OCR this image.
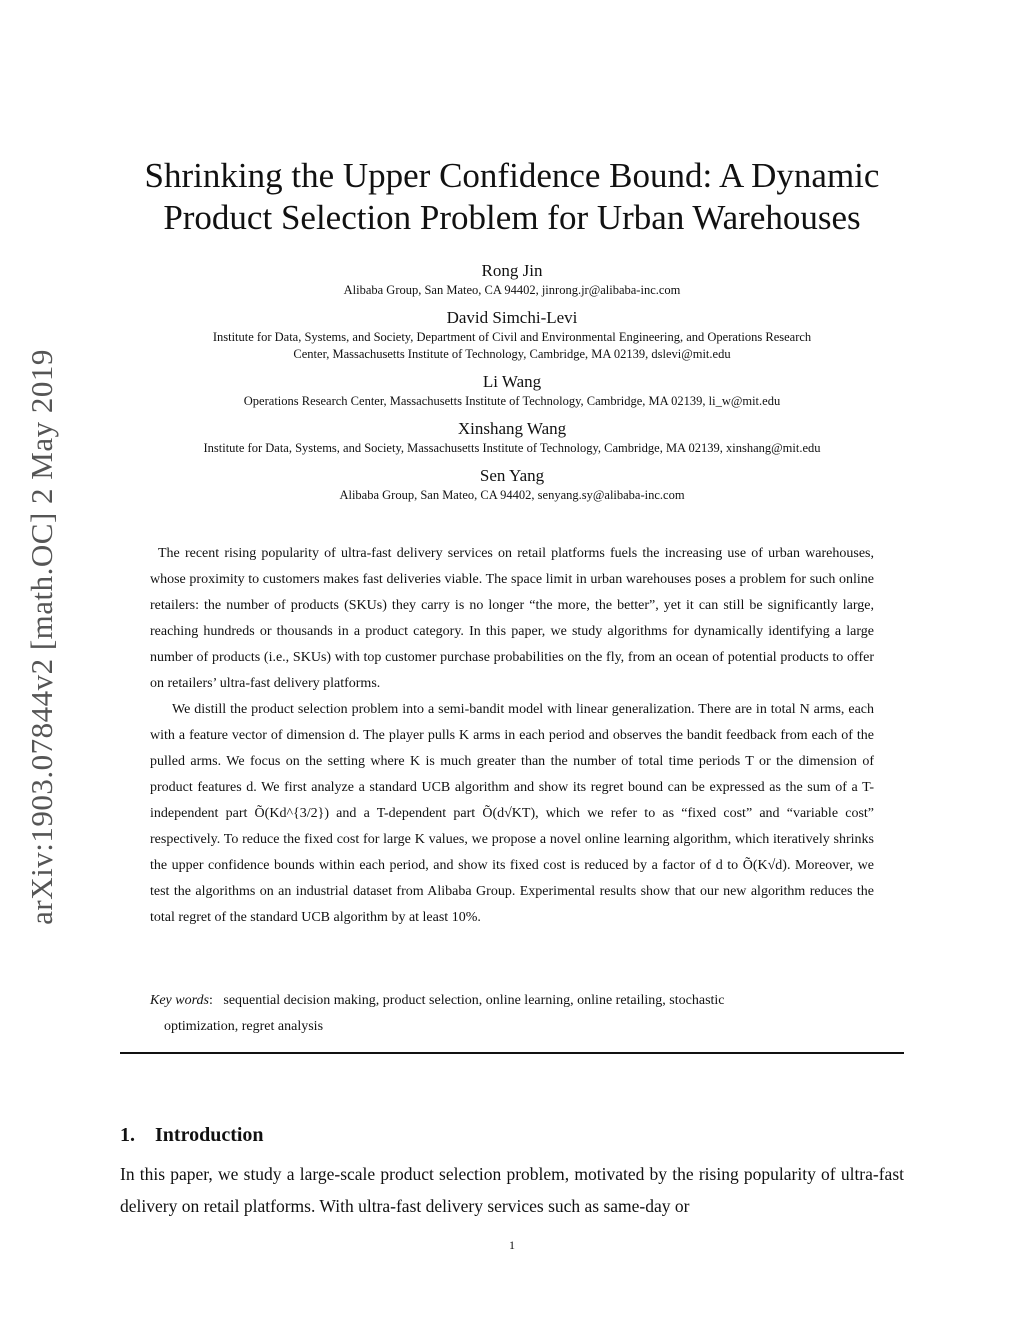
arXiv:1903.07844v2 [math.OC] 2 May 2019
Shrinking the Upper Confidence Bound: A Dynamic
Product Selection Problem for Urban Warehouses
Rong Jin
Alibaba Group, San Mateo, CA 94402, jinrong.jr@alibaba-inc.com
David Simchi-Levi
Institute for Data, Systems, and Society, Department of Civil and Environmental Engineering, and Operations Research
Center, Massachusetts Institute of Technology, Cambridge, MA 02139, dslevi@mit.edu
Li Wang
Operations Research Center, Massachusetts Institute of Technology, Cambridge, MA 02139, li_w@mit.edu
Xinshang Wang
Institute for Data, Systems, and Society, Massachusetts Institute of Technology, Cambridge, MA 02139, xinshang@mit.edu
Sen Yang
Alibaba Group, San Mateo, CA 94402, senyang.sy@alibaba-inc.com

The recent rising popularity of ultra-fast delivery services on retail platforms fuels the increasing use of urban warehouses, whose proximity to customers makes fast deliveries viable. The space limit in urban warehouses poses a problem for such online retailers: the number of products (SKUs) they carry is no longer “the more, the better”, yet it can still be significantly large, reaching hundreds or thousands in a product category. In this paper, we study algorithms for dynamically identifying a large number of products (i.e., SKUs) with top customer purchase probabilities on the fly, from an ocean of potential products to offer on retailers’ ultra-fast delivery platforms.

We distill the product selection problem into a semi-bandit model with linear generalization. There are in total N arms, each with a feature vector of dimension d. The player pulls K arms in each period and observes the bandit feedback from each of the pulled arms. We focus on the setting where K is much greater than the number of total time periods T or the dimension of product features d. We first analyze a standard UCB algorithm and show its regret bound can be expressed as the sum of a T-independent part Õ(Kd^{3/2}) and a T-dependent part Õ(d√KT), which we refer to as “fixed cost” and “variable cost” respectively. To reduce the fixed cost for large K values, we propose a novel online learning algorithm, which iteratively shrinks the upper confidence bounds within each period, and show its fixed cost is reduced by a factor of d to Õ(K√d). Moreover, we test the algorithms on an industrial dataset from Alibaba Group. Experimental results show that our new algorithm reduces the total regret of the standard UCB algorithm by at least 10%.

Key words:   sequential decision making, product selection, online learning, online retailing, stochastic
optimization, regret analysis
1. Introduction

In this paper, we study a large-scale product selection problem, motivated by the rising popularity of ultra-fast delivery on retail platforms. With ultra-fast delivery services such as same-day or

1
